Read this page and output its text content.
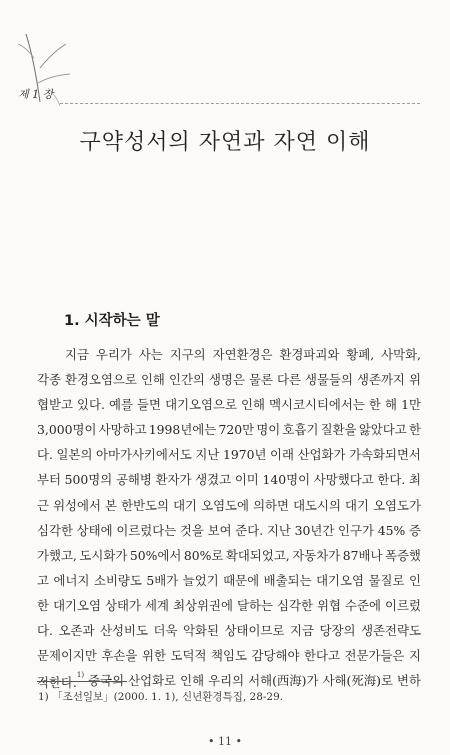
제 1 장
구약성서의 자연과 자연 이해
1. 시작하는 말
지금 우리가 사는 지구의 자연환경은 환경파괴와 황폐, 사막화,
각종 환경오염으로 인해 인간의 생명은 물론 다른 생물들의 생존까지 위
협받고 있다. 예를 들면 대기오염으로 인해 멕시코시티에서는 한 해 1만
3,000명이 사망하고 1998년에는 720만 명이 호흡기 질환을 앓았다고 한
다. 일본의 아마가사키에서도 지난 1970년 이래 산업화가 가속화되면서
부터 500명의 공해병 환자가 생겼고 이미 140명이 사망했다고 한다. 최
근 위성에서 본 한반도의 대기 오염도에 의하면 대도시의 대기 오염도가
심각한 상태에 이르렀다는 것을 보여 준다. 지난 30년간 인구가 45% 증
가했고, 도시화가 50%에서 80%로 확대되었고, 자동차가 87배나 폭증했
고 에너지 소비량도 5배가 늘었기 때문에 배출되는 대기오염 물질로 인
한 대기오염 상태가 세계 최상위권에 달하는 심각한 위협 수준에 이르렀
다. 오존과 산성비도 더욱 악화된 상태이므로 지금 당장의 생존전략도
문제이지만 후손을 위한 도덕적 책임도 감당해야 한다고 전문가들은 지
적한다.$^{1)}$ 중국의 산업화로 인해 우리의 서해(西海)가 사해(死海)로 변하
1) 「조선일보」(2000. 1. 1), 신년환경특집, 28-29.
• 11 •
